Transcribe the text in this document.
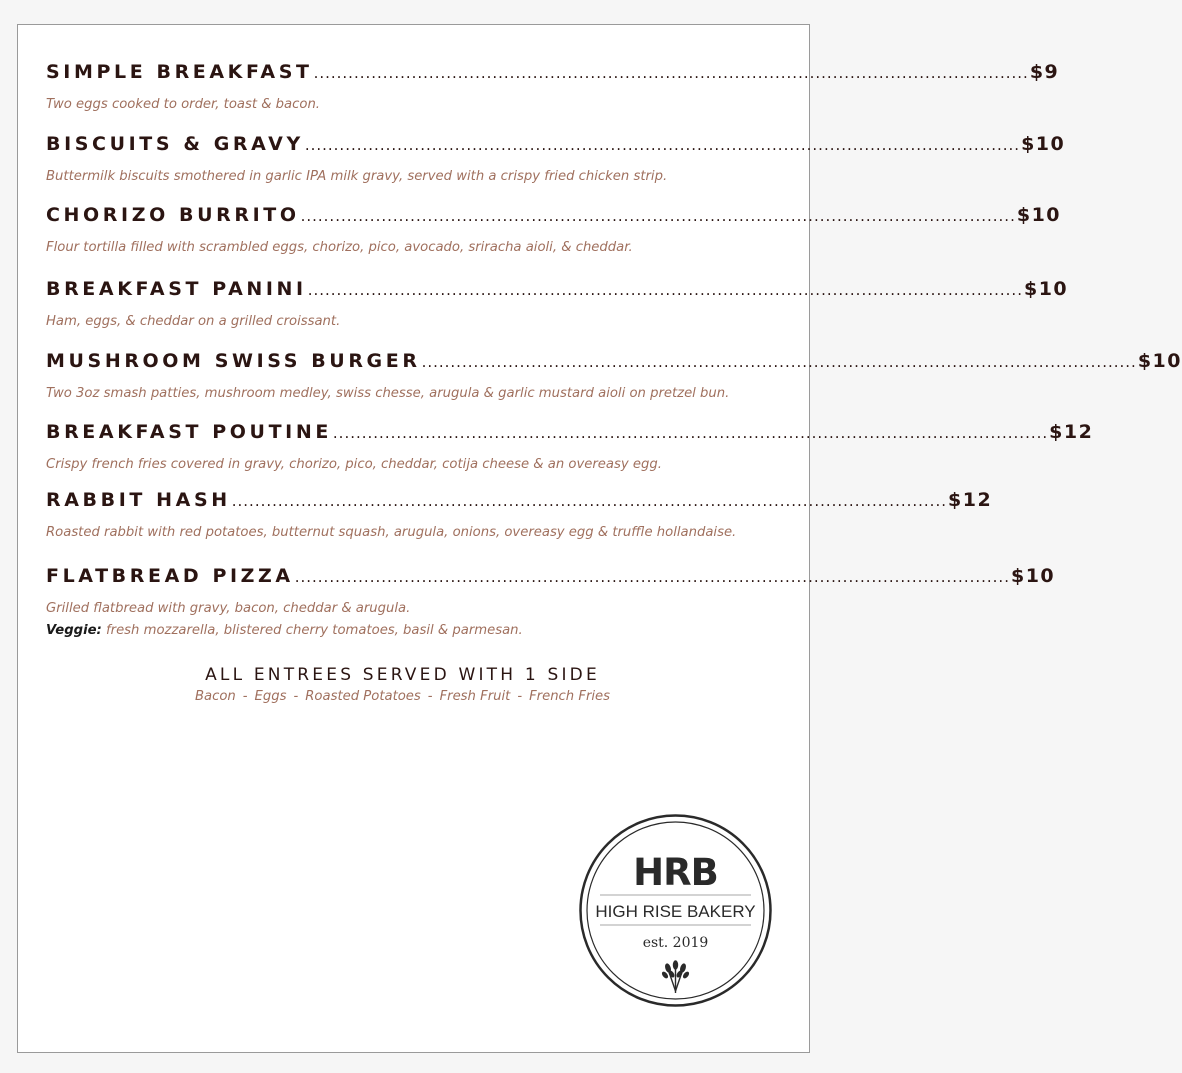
SIMPLE BREAKFAST ............................................................................................................................ $9
Two eggs cooked to order, toast & bacon.
BISCUITS & GRAVY ............................................................................................................................ $10
Buttermilk biscuits smothered in garlic IPA milk gravy, served with a crispy fried chicken strip.
CHORIZO BURRITO ............................................................................................................................ $10
Flour tortilla filled with scrambled eggs, chorizo, pico, avocado, sriracha aioli, & cheddar.
BREAKFAST PANINI ............................................................................................................................ $10
Ham, eggs, & cheddar on a grilled croissant.
MUSHROOM SWISS BURGER ............................................................................................................................ $10
Two 3oz smash patties, mushroom medley, swiss chesse, arugula & garlic mustard aioli on pretzel bun.
BREAKFAST POUTINE ............................................................................................................................ $12
Crispy french fries covered in gravy, chorizo, pico, cheddar, cotija cheese & an overeasy egg.
RABBIT HASH ............................................................................................................................ $12
Roasted rabbit with red potatoes, butternut squash, arugula, onions, overeasy egg & truffle hollandaise.
FLATBREAD PIZZA ............................................................................................................................ $10
Grilled flatbread with gravy, bacon, cheddar & arugula.
Veggie: fresh mozzarella, blistered cherry tomatoes, basil & parmesan.
ALL ENTREES SERVED WITH 1 SIDE
Bacon - Eggs - Roasted Potatoes - Fresh Fruit - French Fries
HRB
HIGH RISE BAKERY
est. 2019
